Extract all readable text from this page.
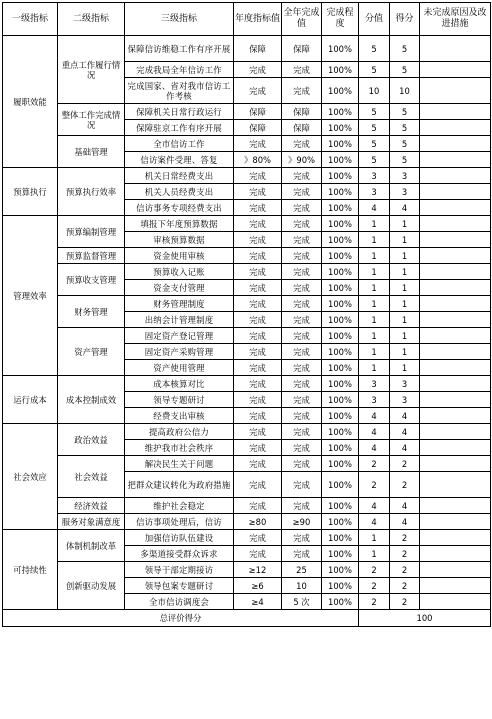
一级指标	二级指标	三级指标	年度指标值	全年完成值	完成程度	分值	得分	未完成原因及改进措施
履职效能	重点工作履行情况	保障信访维稳工作有序开展	保障	保障	100%	5	5	
		完成我局全年信访工作	完成	完成	100%	5	5	
		完成国家、省对我市信访工作考核	完成	完成	100%	10	10	
	整体工作完成情况	保障机关日常行政运行	保障	保障	100%	5	5	
		保障驻京工作有序开展	保障	保障	100%	5	5	
	基础管理	全市信访工作	完成	完成	100%	5	5	
		信访案件受理、答复	》80%	》90%	100%	5	5	
预算执行	预算执行效率	机关日常经费支出	完成	完成	100%	3	3	
		机关人员经费支出	完成	完成	100%	3	3	
		信访事务专项经费支出	完成	完成	100%	4	4	
管理效率	预算编制管理	填报下年度预算数据	完成	完成	100%	1	1	
		审核预算数据	完成	完成	100%	1	1	
	预算监督管理	资金使用审核	完成	完成	100%	1	1	
	预算收支管理	预算收入记账	完成	完成	100%	1	1	
		资金支付管理	完成	完成	100%	1	1	
	财务管理	财务管理制度	完成	完成	100%	1	1	
		出纳会计管理制度	完成	完成	100%	1	1	
	资产管理	固定资产登记管理	完成	完成	100%	1	1	
		固定资产采购管理	完成	完成	100%	1	1	
		资产使用管理	完成	完成	100%	1	1	
运行成本	成本控制成效	成本核算对比	完成	完成	100%	3	3	
		领导专题研讨	完成	完成	100%	3	3	
		经费支出审核	完成	完成	100%	4	4	
社会效应	政治效益	提高政府公信力	完成	完成	100%	4	4	
		维护我市社会秩序	完成	完成	100%	4	4	
	社会效益	解决民生关于问题	完成	完成	100%	2	2	
		把群众建议转化为政府措施	完成	完成	100%	2	2	
	经济效益	维护社会稳定	完成	完成	100%	4	4	
	服务对象满意度	信访事项处理后，信访	≥80	≥90	100%	4	4	
可持续性	体制机制改革	加强信访队伍建设	完成	完成	100%	1	2	
		多渠道接受群众诉求	完成	完成	100%	1	2	
	创新驱动发展	领导干部定期接访	≥12	25	100%	2	2	
		领导包案专题研讨	≥6	10	100%	2	2	
		全市信访调度会	≥4	5 次	100%	2	2	
总评价得分						100		
